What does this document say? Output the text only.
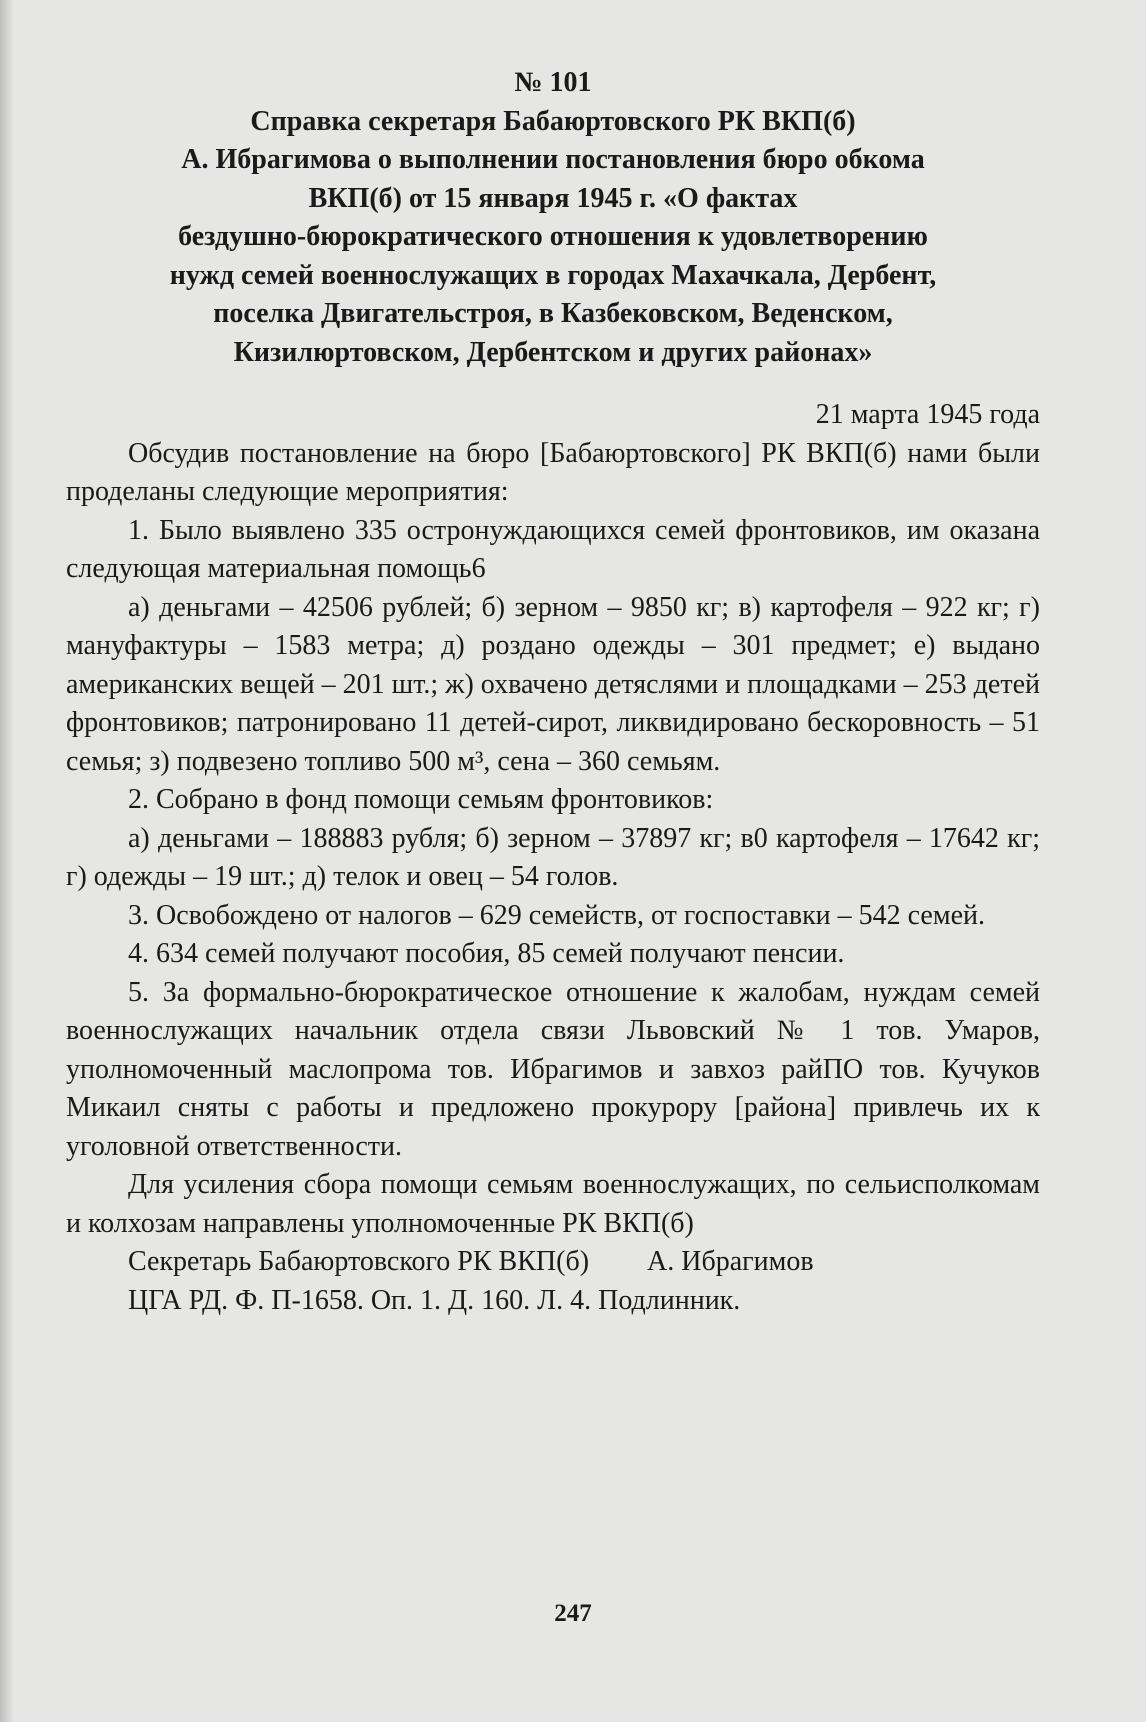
№ 101

Справка секретаря Бабаюртовского РК ВКП(б)

А. Ибрагимова о выполнении постановления бюро обкома

ВКП(б) от 15 января 1945 г. «О фактах

бездушно-бюрократического отношения к удовлетворению

нужд семей военнослужащих в городах Махачкала, Дербент,

поселка Двигательстроя, в Казбековском, Веденском,

Кизилюртовском, Дербентском и других районах»

21 марта 1945 года

Обсудив постановление на бюро [Бабаюртовского] РК ВКП(б) нами были проделаны следующие мероприятия:

1. Было выявлено 335 остронуждающихся семей фронтовиков, им оказана следующая материальная помощь6

а) деньгами – 42506 рублей; б) зерном – 9850 кг; в) картофеля – 922 кг; г) мануфактуры – 1583 метра; д) роздано одежды – 301 предмет; е) выдано американских вещей – 201 шт.; ж) охвачено детяслями и площадками – 253 детей фронтовиков; патронировано 11 детей-сирот, ликвидировано бескоровность – 51 семья; з) подвезено топливо 500 м³, сена – 360 семьям.

2. Собрано в фонд помощи семьям фронтовиков:

а) деньгами – 188883 рубля; б) зерном – 37897 кг; в0 картофеля – 17642 кг; г) одежды – 19 шт.; д) телок и овец – 54 голов.

3. Освобождено от налогов – 629 семейств, от госпоставки – 542 семей.

4. 634 семей получают пособия, 85 семей получают пенсии.

5. За формально-бюрократическое отношение к жалобам, нуждам семей военнослужащих начальник отдела связи Львовский № 1 тов. Умаров, уполномоченный маслопрома тов. Ибрагимов и завхоз райПО тов. Кучуков Микаил сняты с работы и предложено прокурору [района] привлечь их к уголовной ответственности.

Для усиления сбора помощи семьям военнослужащих, по сельисполкомам и колхозам направлены уполномоченные РК ВКП(б)

Секретарь Бабаюртовского РК ВКП(б) А. Ибрагимов

ЦГА РД. Ф. П-1658. Оп. 1. Д. 160. Л. 4. Подлинник.

247
